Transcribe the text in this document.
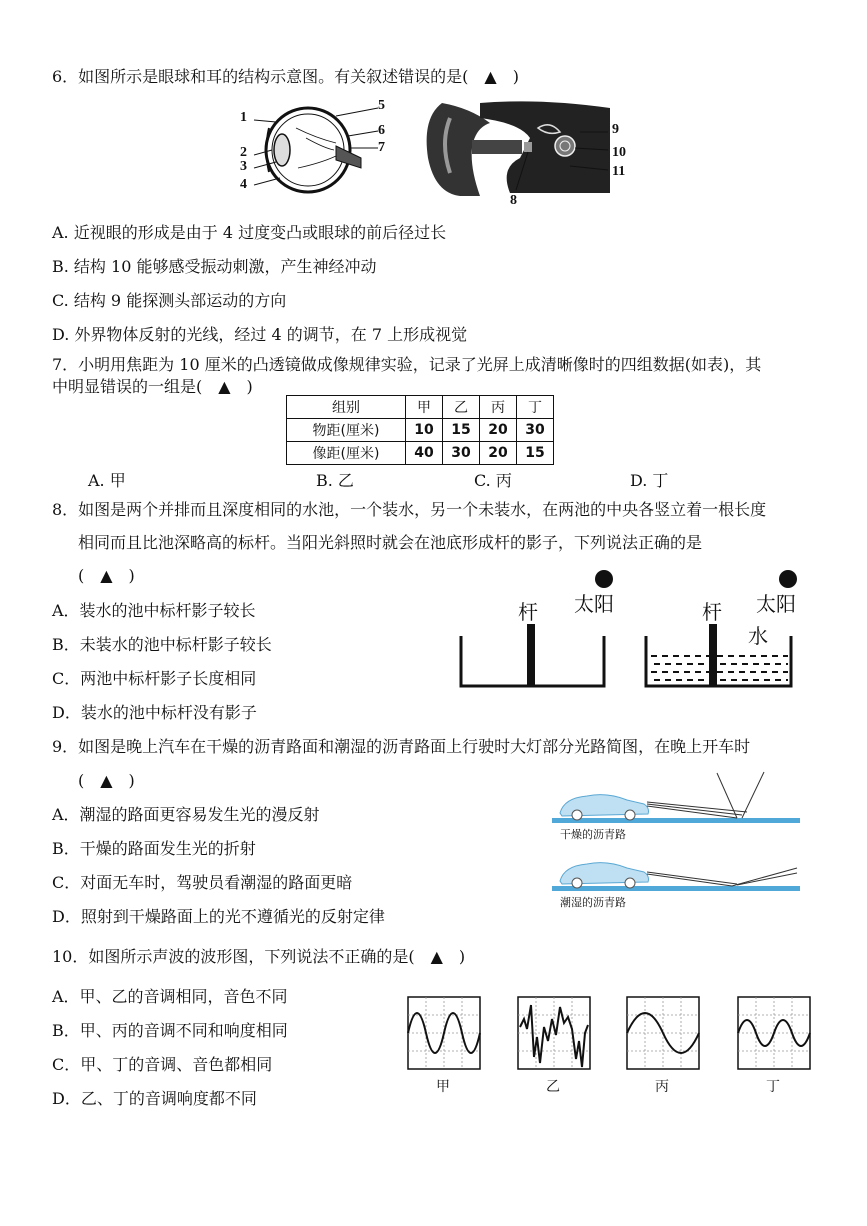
6．如图所示是眼球和耳的结构示意图。有关叙述错误的是(　▲　)
1
2
3
4
5
6
7
9
10
11
8
A. 近视眼的形成是由于 4 过度变凸或眼球的前后径过长
B. 结构 10 能够感受振动刺激，产生神经冲动
C. 结构 9 能探测头部运动的方向
D. 外界物体反射的光线，经过 4 的调节，在 7 上形成视觉
7．小明用焦距为 10 厘米的凸透镜做成像规律实验，记录了光屏上成清晰像时的四组数据(如表)，其
中明显错误的一组是(　▲　)
组别	甲	乙	丙	丁
物距(厘米)	10	15	20	30
像距(厘米)	40	30	20	15
A. 甲	B. 乙	C. 丙	D. 丁
8．如图是两个并排而且深度相同的水池，一个装水，另一个未装水，在两池的中央各竖立着一根长度
相同而且比池深略高的标杆。当阳光斜照时就会在池底形成杆的影子，下列说法正确的是
(　▲　)
A．装水的池中标杆影子较长
B．未装水的池中标杆影子较长
C．两池中标杆影子长度相同
D．装水的池中标杆没有影子
杆 太阳	杆 太阳
水
9．如图是晚上汽车在干燥的沥青路面和潮湿的沥青路面上行驶时大灯部分光路简图，在晚上开车时
(　▲　)
A．潮湿的路面更容易发生光的漫反射
B．干燥的路面发生光的折射
C．对面无车时，驾驶员看潮湿的路面更暗
D．照射到干燥路面上的光不遵循光的反射定律
干燥的沥青路
潮湿的沥青路
10．如图所示声波的波形图，下列说法不正确的是(　▲　)
A．甲、乙的音调相同，音色不同
B．甲、丙的音调不同和响度相同
C．甲、丁的音调、音色都相同
D．乙、丁的音调响度都不同
甲	乙	丙	丁
